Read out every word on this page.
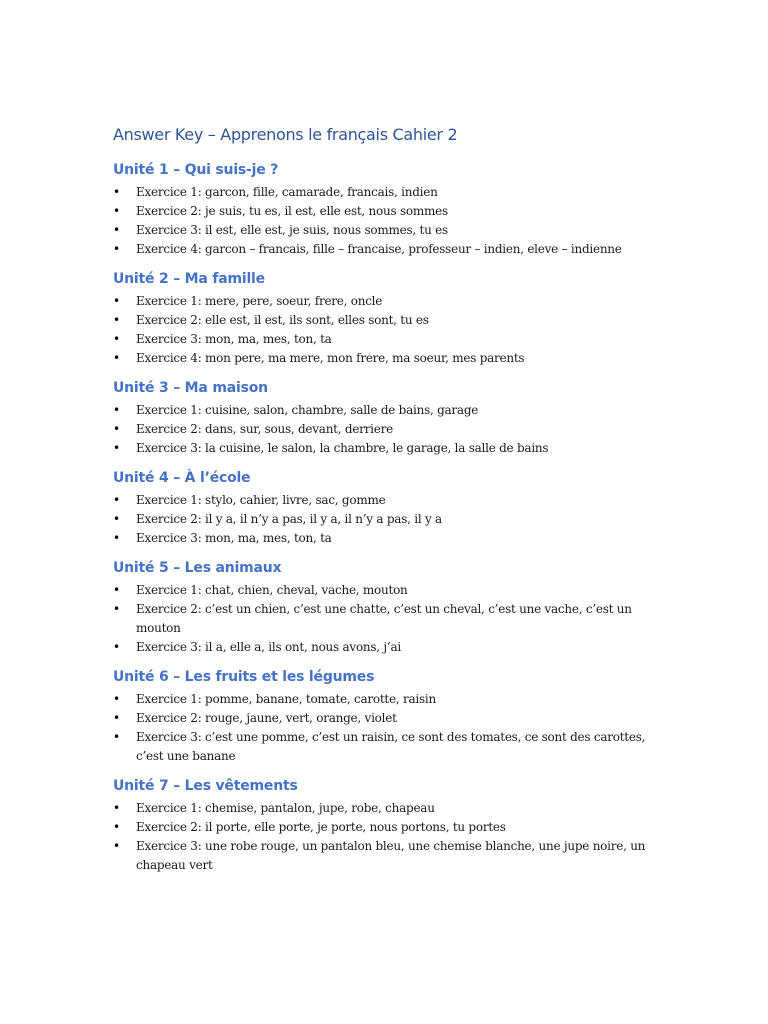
Answer Key – Apprenons le français Cahier 2
Unité 1 – Qui suis-je ?
• Exercice 1: garcon, fille, camarade, francais, indien
• Exercice 2: je suis, tu es, il est, elle est, nous sommes
• Exercice 3: il est, elle est, je suis, nous sommes, tu es
• Exercice 4: garcon – francais, fille – francaise, professeur – indien, eleve – indienne
Unité 2 – Ma famille
• Exercice 1: mere, pere, soeur, frere, oncle
• Exercice 2: elle est, il est, ils sont, elles sont, tu es
• Exercice 3: mon, ma, mes, ton, ta
• Exercice 4: mon pere, ma mere, mon frere, ma soeur, mes parents
Unité 3 – Ma maison
• Exercice 1: cuisine, salon, chambre, salle de bains, garage
• Exercice 2: dans, sur, sous, devant, derriere
• Exercice 3: la cuisine, le salon, la chambre, le garage, la salle de bains
Unité 4 – À l’école
• Exercice 1: stylo, cahier, livre, sac, gomme
• Exercice 2: il y a, il n’y a pas, il y a, il n’y a pas, il y a
• Exercice 3: mon, ma, mes, ton, ta
Unité 5 – Les animaux
• Exercice 1: chat, chien, cheval, vache, mouton
• Exercice 2: c’est un chien, c’est une chatte, c’est un cheval, c’est une vache, c’est un mouton
• Exercice 3: il a, elle a, ils ont, nous avons, j’ai
Unité 6 – Les fruits et les légumes
• Exercice 1: pomme, banane, tomate, carotte, raisin
• Exercice 2: rouge, jaune, vert, orange, violet
• Exercice 3: c’est une pomme, c’est un raisin, ce sont des tomates, ce sont des carottes, c’est une banane
Unité 7 – Les vêtements
• Exercice 1: chemise, pantalon, jupe, robe, chapeau
• Exercice 2: il porte, elle porte, je porte, nous portons, tu portes
• Exercice 3: une robe rouge, un pantalon bleu, une chemise blanche, une jupe noire, un chapeau vert
